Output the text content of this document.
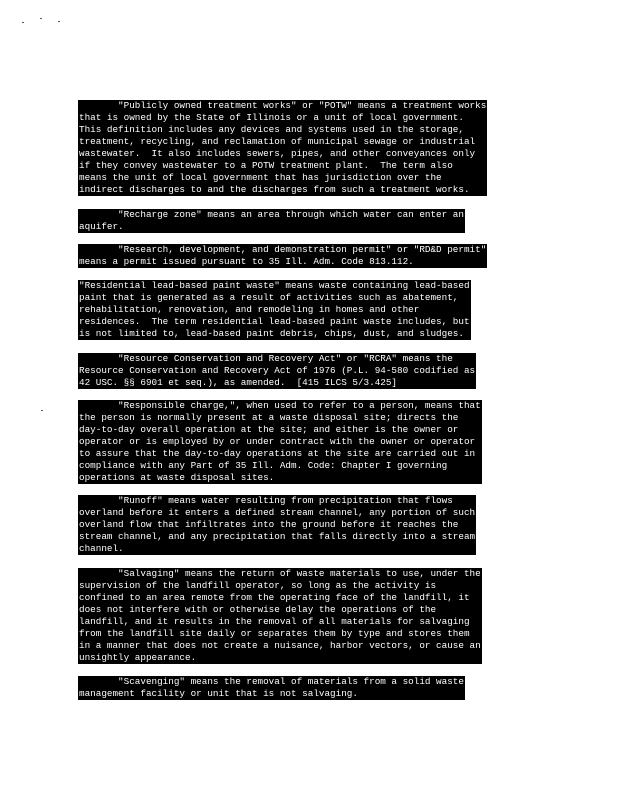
"Publicly owned treatment works" or "POTW" means a treatment works
that is owned by the State of Illinois or a unit of local government.
This definition includes any devices and systems used in the storage,
treatment, recycling, and reclamation of municipal sewage or industrial
wastewater.  It also includes sewers, pipes, and other conveyances only
if they convey wastewater to a POTW treatment plant.  The term also
means the unit of local government that has jurisdiction over the
indirect discharges to and the discharges from such a treatment works.
"Recharge zone" means an area through which water can enter an
aquifer.
"Research, development, and demonstration permit" or "RD&D permit"
means a permit issued pursuant to 35 Ill. Adm. Code 813.112.
"Residential lead-based paint waste" means waste containing lead-based
paint that is generated as a result of activities such as abatement,
rehabilitation, renovation, and remodeling in homes and other
residences.  The term residential lead-based paint waste includes, but
is not limited to, lead-based paint debris, chips, dust, and sludges.
"Resource Conservation and Recovery Act" or "RCRA" means the
Resource Conservation and Recovery Act of 1976 (P.L. 94-580 codified as
42 USC. §§ 6901 et seq.), as amended.  [415 ILCS 5/3.425]
"Responsible charge,", when used to refer to a person, means that
the person is normally present at a waste disposal site; directs the
day-to-day overall operation at the site; and either is the owner or
operator or is employed by or under contract with the owner or operator
to assure that the day-to-day operations at the site are carried out in
compliance with any Part of 35 Ill. Adm. Code: Chapter I governing
operations at waste disposal sites.
"Runoff" means water resulting from precipitation that flows
overland before it enters a defined stream channel, any portion of such
overland flow that infiltrates into the ground before it reaches the
stream channel, and any precipitation that falls directly into a stream
channel.
"Salvaging" means the return of waste materials to use, under the
supervision of the landfill operator, so long as the activity is
confined to an area remote from the operating face of the landfill, it
does not interfere with or otherwise delay the operations of the
landfill, and it results in the removal of all materials for salvaging
from the landfill site daily or separates them by type and stores them
in a manner that does not create a nuisance, harbor vectors, or cause an
unsightly appearance.
"Scavenging" means the removal of materials from a solid waste
management facility or unit that is not salvaging.
